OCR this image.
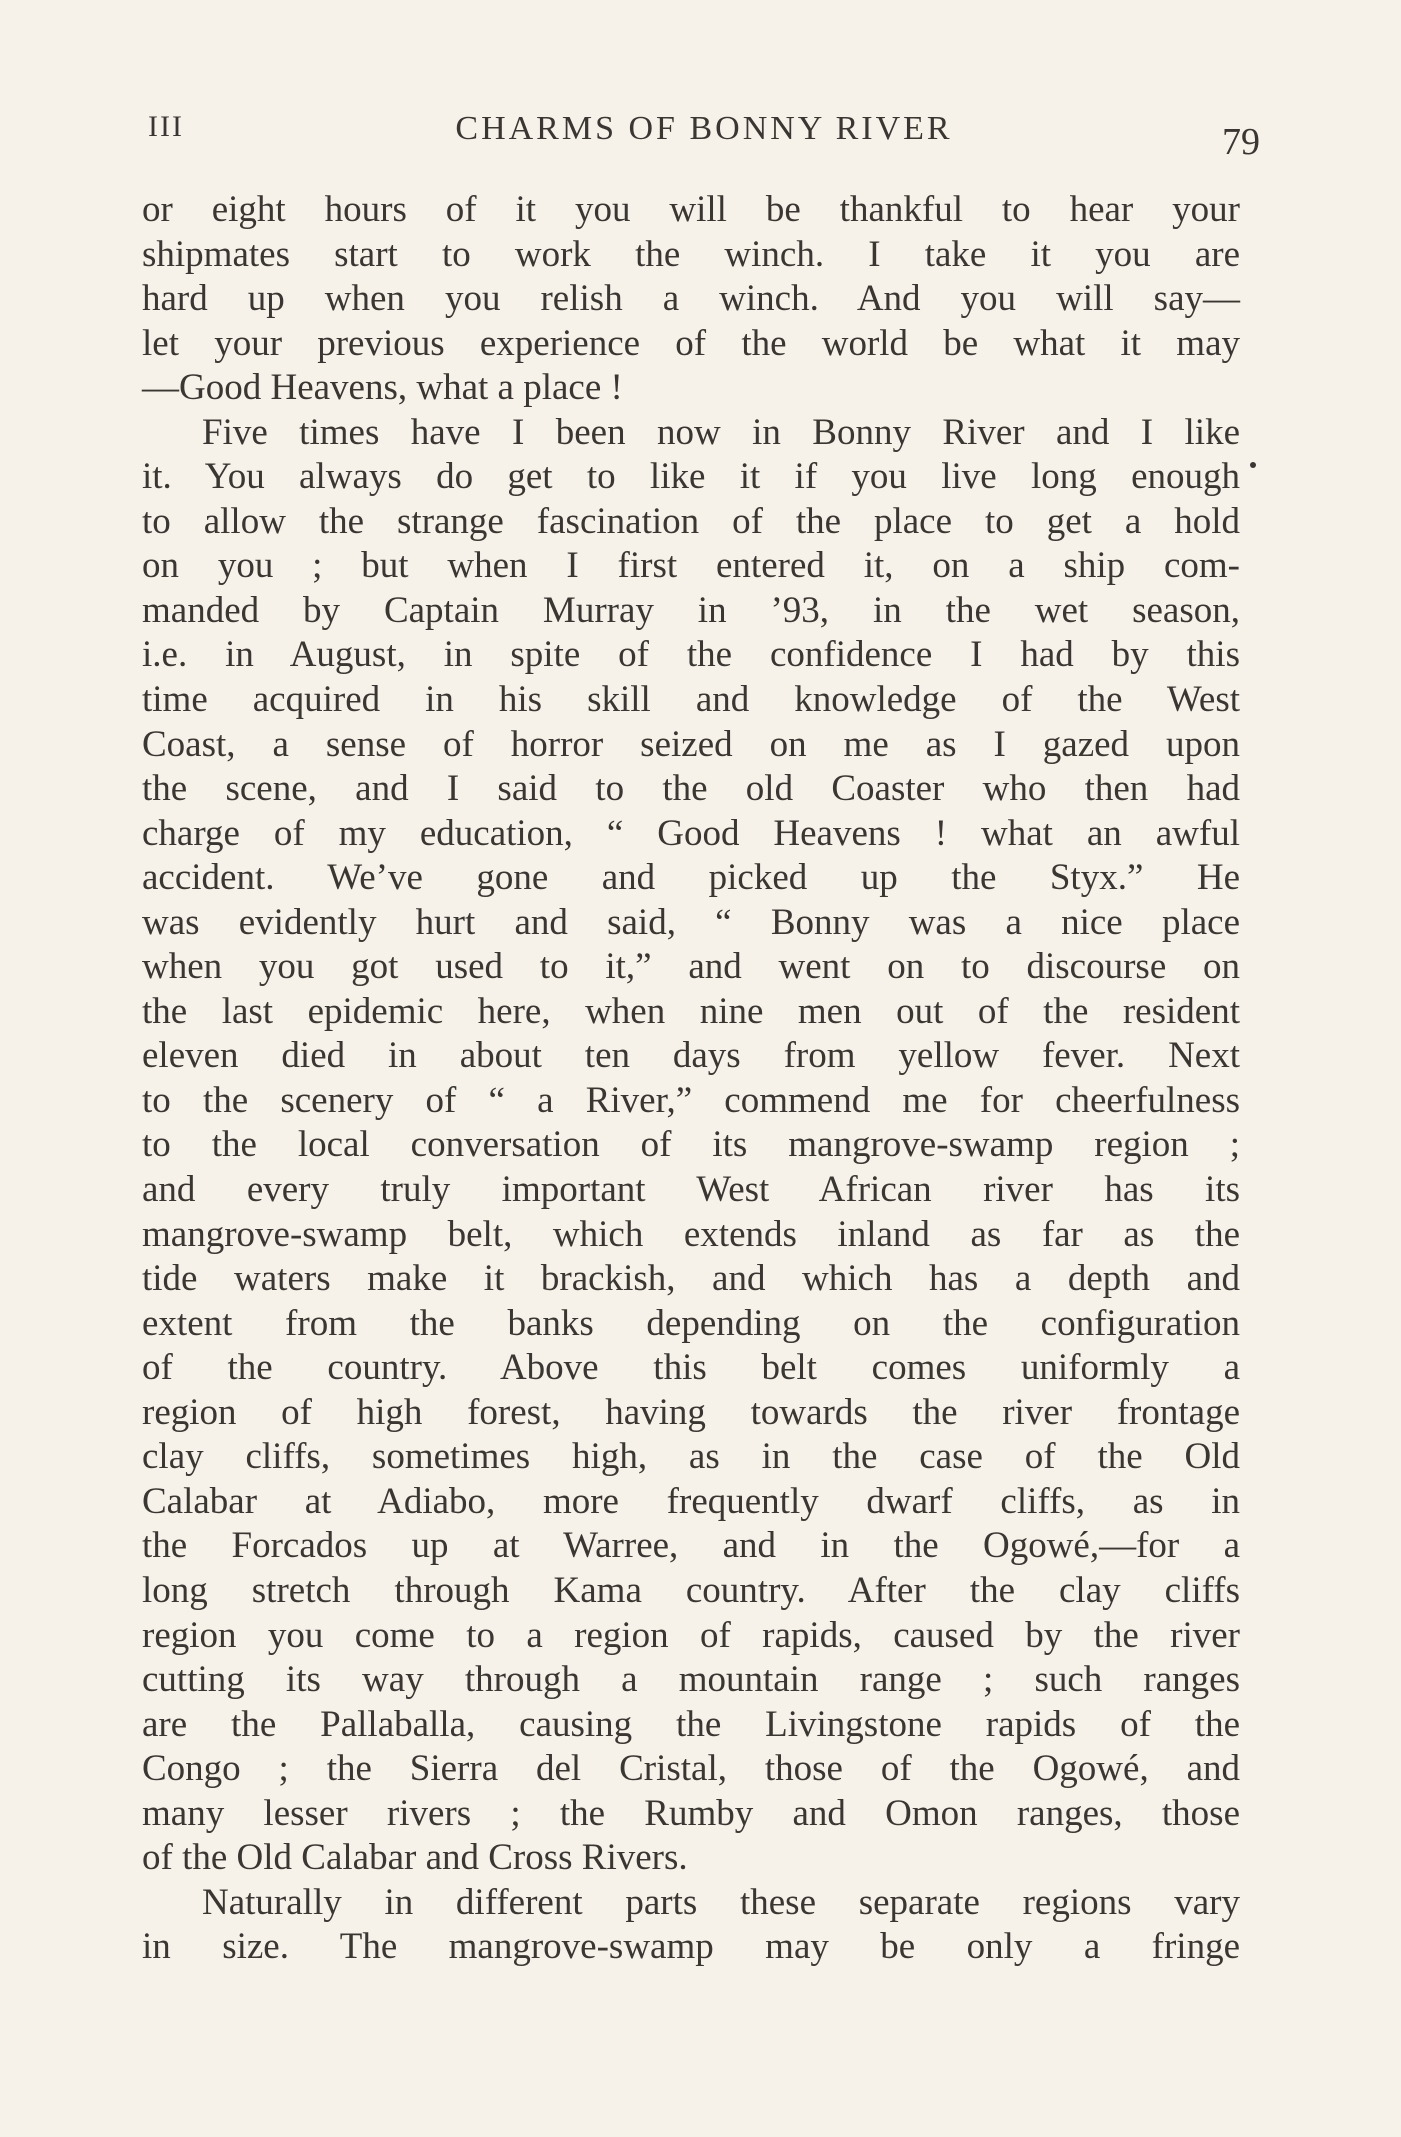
III	CHARMS OF BONNY RIVER	79
or eight hours of it you will be thankful to hear your
shipmates start to work the winch. I take it you are
hard up when you relish a winch. And you will say—
let your previous experience of the world be what it may
—Good Heavens, what a place !
Five times have I been now in Bonny River and I like
it. You always do get to like it if you live long enough
to allow the strange fascination of the place to get a hold
on you ; but when I first entered it, on a ship com-
manded by Captain Murray in ’93, in the wet season,
i.e. in August, in spite of the confidence I had by this
time acquired in his skill and knowledge of the West
Coast, a sense of horror seized on me as I gazed upon
the scene, and I said to the old Coaster who then had
charge of my education, “ Good Heavens ! what an awful
accident. We’ve gone and picked up the Styx.” He
was evidently hurt and said, “ Bonny was a nice place
when you got used to it,” and went on to discourse on
the last epidemic here, when nine men out of the resident
eleven died in about ten days from yellow fever. Next
to the scenery of “ a River,” commend me for cheerfulness
to the local conversation of its mangrove-swamp region ;
and every truly important West African river has its
mangrove-swamp belt, which extends inland as far as the
tide waters make it brackish, and which has a depth and
extent from the banks depending on the configuration
of the country. Above this belt comes uniformly a
region of high forest, having towards the river frontage
clay cliffs, sometimes high, as in the case of the Old
Calabar at Adiabo, more frequently dwarf cliffs, as in
the Forcados up at Warree, and in the Ogowé,—for a
long stretch through Kama country. After the clay cliffs
region you come to a region of rapids, caused by the river
cutting its way through a mountain range ; such ranges
are the Pallaballa, causing the Livingstone rapids of the
Congo ; the Sierra del Cristal, those of the Ogowé, and
many lesser rivers ; the Rumby and Omon ranges, those
of the Old Calabar and Cross Rivers.
Naturally in different parts these separate regions vary
in size. The mangrove-swamp may be only a fringe
